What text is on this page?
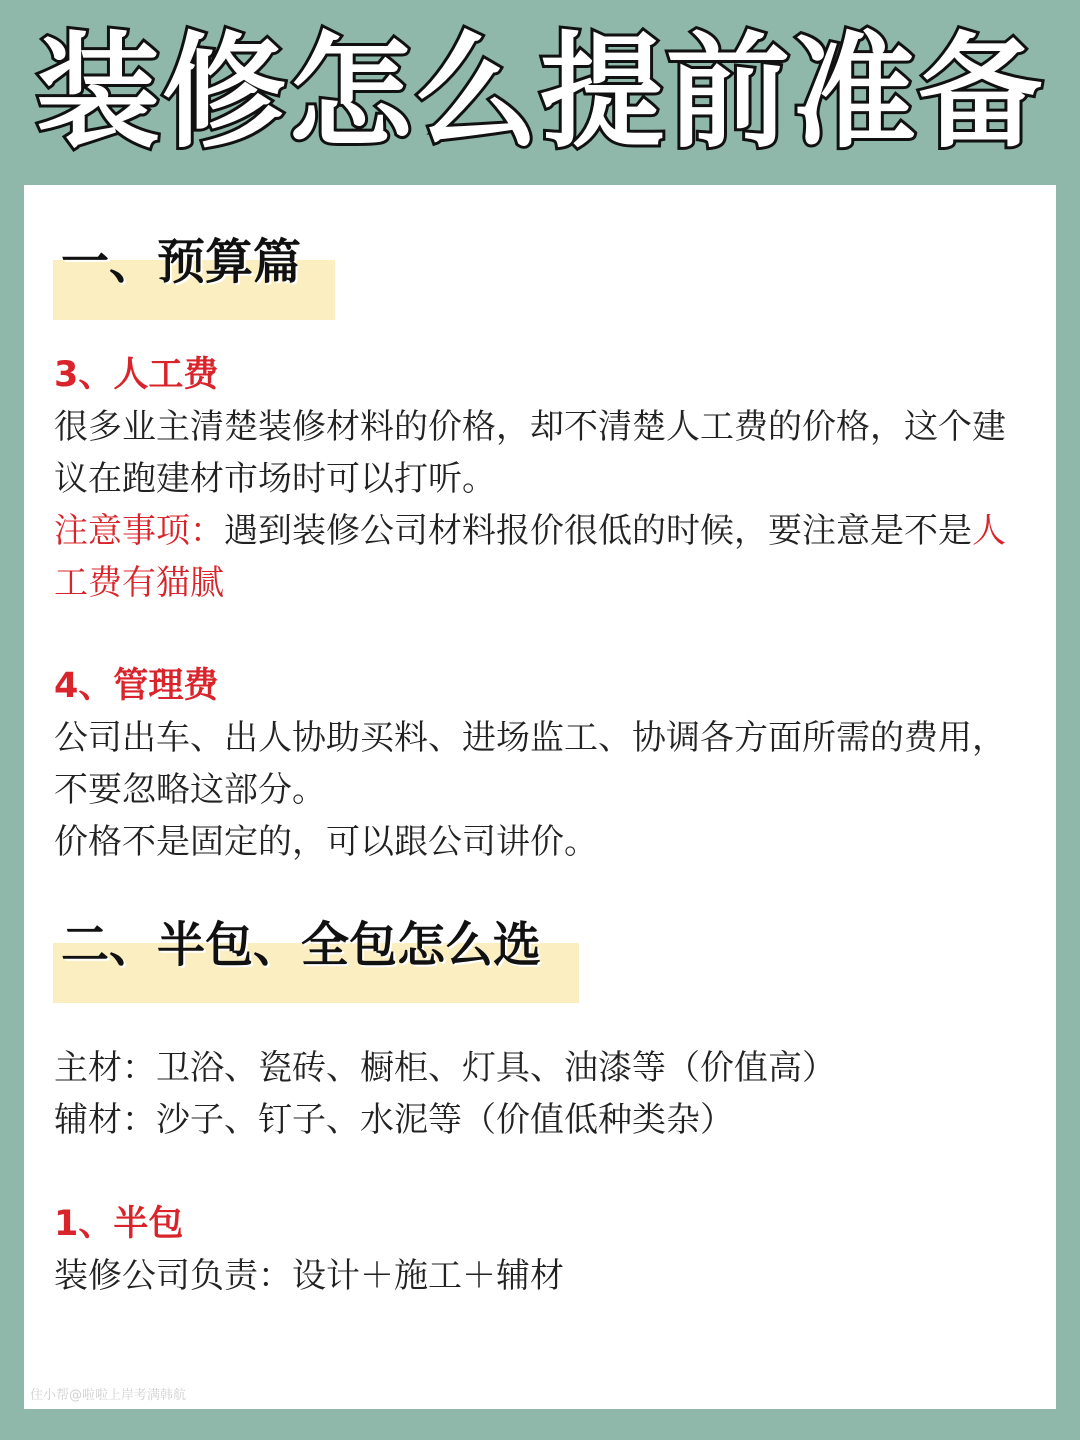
装修怎么提前准备
一、预算篇
3、人工费
很多业主清楚装修材料的价格，却不清楚人工费的价格，这个建议在跑建材市场时可以打听。
注意事项：遇到装修公司材料报价很低的时候，要注意是不是人工费有猫腻
4、管理费
公司出车、出人协助买料、进场监工、协调各方面所需的费用，不要忽略这部分。
价格不是固定的，可以跟公司讲价。
二、半包、全包怎么选
主材：卫浴、瓷砖、橱柜、灯具、油漆等（价值高）
辅材：沙子、钉子、水泥等（价值低种类杂）
1、半包
装修公司负责：设计＋施工＋辅材
住小帮@啦啦上岸考满韩航
